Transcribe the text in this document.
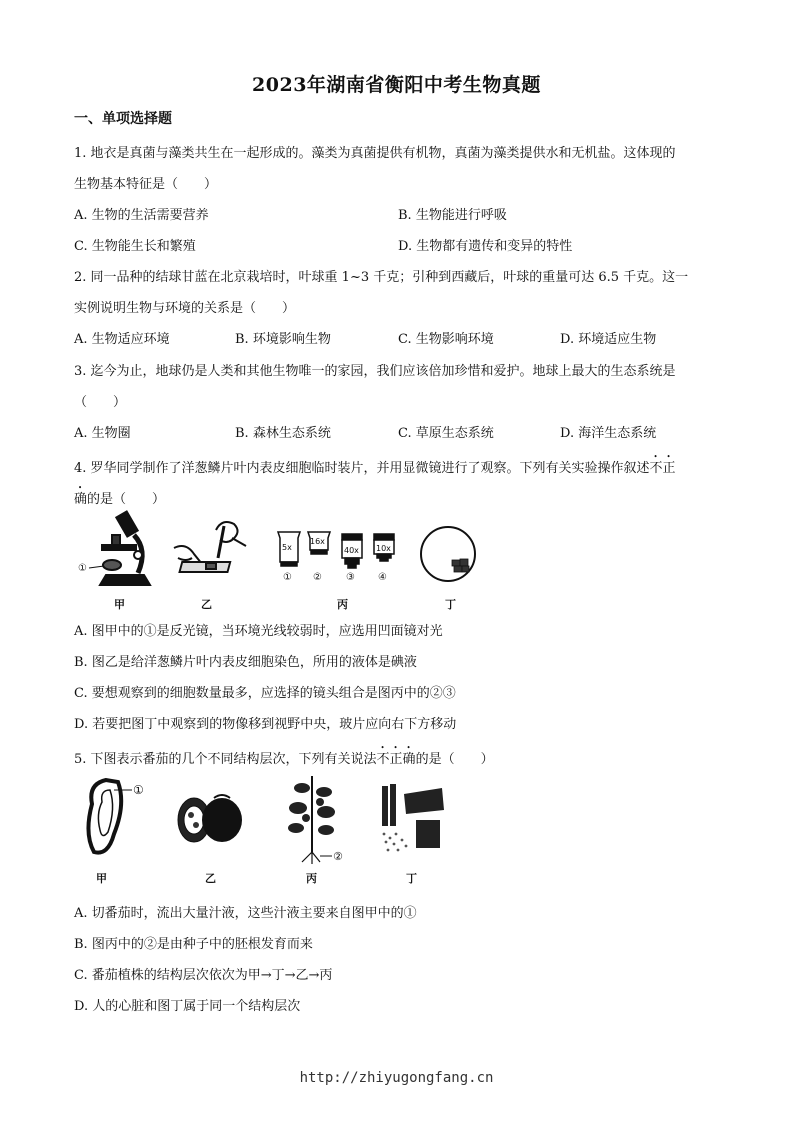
2023年湖南省衡阳中考生物真题
一、单项选择题
1. 地衣是真菌与藻类共生在一起形成的。藻类为真菌提供有机物，真菌为藻类提供水和无机盐。这体现的
生物基本特征是（　　）
A. 生物的生活需要营养	B. 生物能进行呼吸
C. 生物能生长和繁殖	D. 生物都有遗传和变异的特性
2. 同一品种的结球甘蓝在北京栽培时，叶球重 1~3 千克；引种到西藏后，叶球的重量可达 6.5 千克。这一
实例说明生物与环境的关系是（　　）
A. 生物适应环境	B. 环境影响生物	C. 生物影响环境	D. 环境适应生物
3. 迄今为止，地球仍是人类和其他生物唯一的家园，我们应该倍加珍惜和爱护。地球上最大的生态系统是
（　　）
A. 生物圈	B. 森林生态系统	C. 草原生态系统	D. 海洋生态系统
4. 罗华同学制作了洋葱鳞片叶内表皮细胞临时装片，并用显微镜进行了观察。下列有关实验操作叙述不正
确的是（　　）
①
甲	乙
5x
16x
40x 10x
① ② ③ ④
丙	丁
A. 图甲中的①是反光镜，当环境光线较弱时，应选用凹面镜对光
B. 图乙是给洋葱鳞片叶内表皮细胞染色，所用的液体是碘液
C. 要想观察到的细胞数量最多，应选择的镜头组合是图丙中的②③
D. 若要把图丁中观察到的物像移到视野中央，玻片应向右下方移动
5. 下图表示番茄的几个不同结构层次，下列有关说法不正确的是（　　）
①
甲	乙
②
丙	丁
A. 切番茄时，流出大量汁液，这些汁液主要来自图甲中的①
B. 图丙中的②是由种子中的胚根发育而来
C. 番茄植株的结构层次依次为甲→丁→乙→丙
D. 人的心脏和图丁属于同一个结构层次
http://zhiyugongfang.cn
